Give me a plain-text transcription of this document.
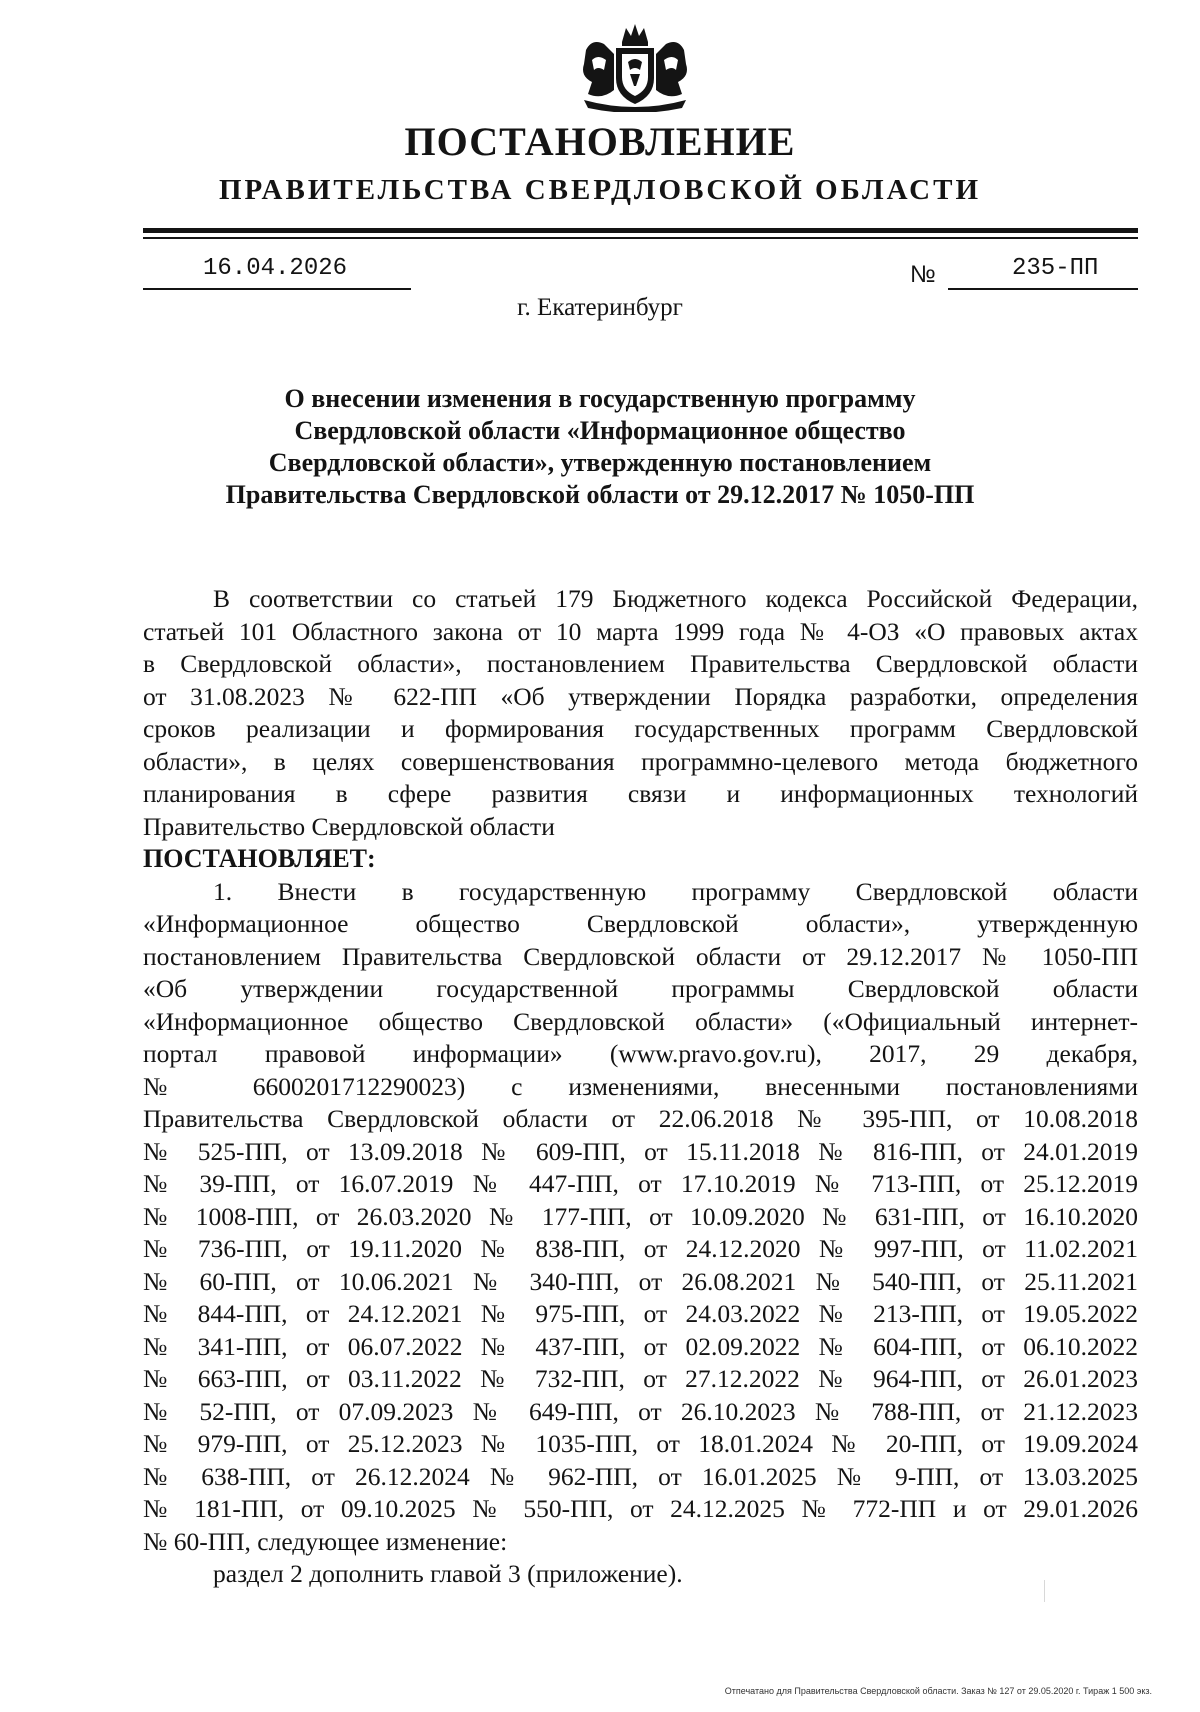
ПОСТАНОВЛЕНИЕ
ПРАВИТЕЛЬСТВА СВЕРДЛОВСКОЙ ОБЛАСТИ
16.04.2026	№	235-ПП
г. Екатеринбург
О внесении изменения в государственную программу
Свердловской области «Информационное общество
Свердловской области», утвержденную постановлением
Правительства Свердловской области от 29.12.2017 № 1050-ПП
В соответствии со статьей 179 Бюджетного кодекса Российской Федерации,
статьей 101 Областного закона от 10 марта 1999 года № 4-ОЗ «О правовых актах
в Свердловской области», постановлением Правительства Свердловской области
от 31.08.2023 № 622-ПП «Об утверждении Порядка разработки, определения
сроков реализации и формирования государственных программ Свердловской
области», в целях совершенствования программно-целевого метода бюджетного
планирования в сфере развития связи и информационных технологий
Правительство Свердловской области
ПОСТАНОВЛЯЕТ:
1. Внести в государственную программу Свердловской области
«Информационное общество Свердловской области», утвержденную
постановлением Правительства Свердловской области от 29.12.2017 № 1050-ПП
«Об утверждении государственной программы Свердловской области
«Информационное общество Свердловской области» («Официальный интернет-
портал правовой информации» (www.pravo.gov.ru), 2017, 29 декабря,
№ 6600201712290023) с изменениями, внесенными постановлениями
Правительства Свердловской области от 22.06.2018 № 395-ПП, от 10.08.2018
№ 525-ПП, от 13.09.2018 № 609-ПП, от 15.11.2018 № 816-ПП, от 24.01.2019
№ 39-ПП, от 16.07.2019 № 447-ПП, от 17.10.2019 № 713-ПП, от 25.12.2019
№ 1008-ПП, от 26.03.2020 № 177-ПП, от 10.09.2020 № 631-ПП, от 16.10.2020
№ 736-ПП, от 19.11.2020 № 838-ПП, от 24.12.2020 № 997-ПП, от 11.02.2021
№ 60-ПП, от 10.06.2021 № 340-ПП, от 26.08.2021 № 540-ПП, от 25.11.2021
№ 844-ПП, от 24.12.2021 № 975-ПП, от 24.03.2022 № 213-ПП, от 19.05.2022
№ 341-ПП, от 06.07.2022 № 437-ПП, от 02.09.2022 № 604-ПП, от 06.10.2022
№ 663-ПП, от 03.11.2022 № 732-ПП, от 27.12.2022 № 964-ПП, от 26.01.2023
№ 52-ПП, от 07.09.2023 № 649-ПП, от 26.10.2023 № 788-ПП, от 21.12.2023
№ 979-ПП, от 25.12.2023 № 1035-ПП, от 18.01.2024 № 20-ПП, от 19.09.2024
№ 638-ПП, от 26.12.2024 № 962-ПП, от 16.01.2025 № 9-ПП, от 13.03.2025
№ 181-ПП, от 09.10.2025 № 550-ПП, от 24.12.2025 № 772-ПП и от 29.01.2026
№ 60-ПП, следующее изменение:
раздел 2 дополнить главой 3 (приложение).
Отпечатано для Правительства Свердловской области. Заказ № 127 от 29.05.2020 г. Тираж 1 500 экз.
